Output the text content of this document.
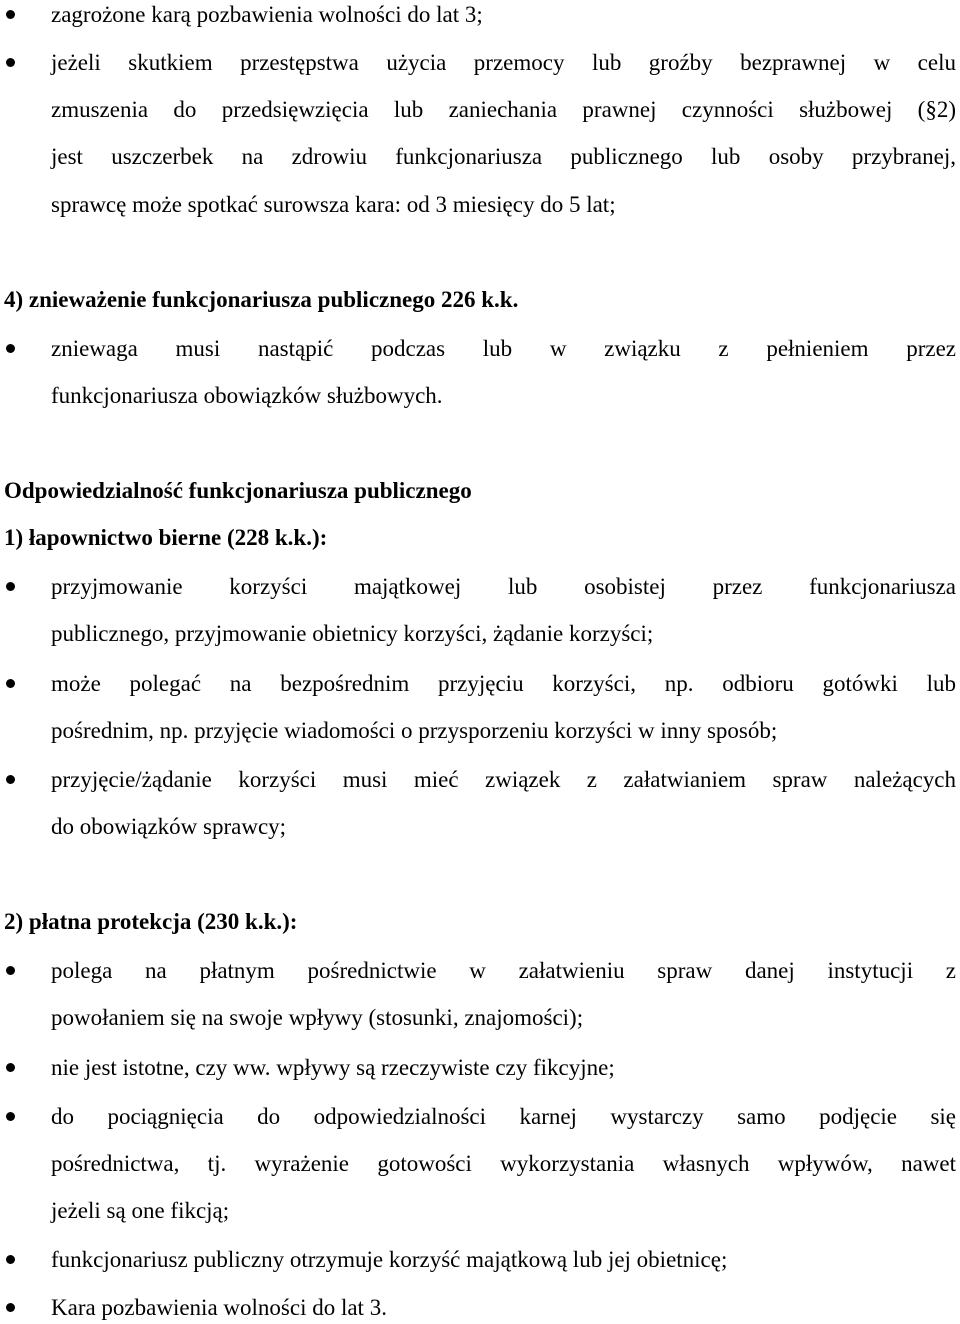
zagrożone karą pozbawienia wolności do lat 3;
jeżeli skutkiem przestępstwa użycia przemocy lub groźby bezprawnej w celu
zmuszenia do przedsięwzięcia lub zaniechania prawnej czynności służbowej (§2)
jest uszczerbek na zdrowiu funkcjonariusza publicznego lub osoby przybranej,
sprawcę może spotkać surowsza kara: od 3 miesięcy do 5 lat;
4) znieważenie funkcjonariusza publicznego 226 k.k.
zniewaga musi nastąpić podczas lub w związku z pełnieniem przez
funkcjonariusza obowiązków służbowych.
Odpowiedzialność funkcjonariusza publicznego
1) łapownictwo bierne (228 k.k.):
przyjmowanie korzyści majątkowej lub osobistej przez funkcjonariusza
publicznego, przyjmowanie obietnicy korzyści, żądanie korzyści;
może polegać na bezpośrednim przyjęciu korzyści, np. odbioru gotówki lub
pośrednim, np. przyjęcie wiadomości o przysporzeniu korzyści w inny sposób;
przyjęcie/żądanie korzyści musi mieć związek z załatwianiem spraw należących
do obowiązków sprawcy;
2) płatna protekcja (230 k.k.):
polega na płatnym pośrednictwie w załatwieniu spraw danej instytucji z
powołaniem się na swoje wpływy (stosunki, znajomości);
nie jest istotne, czy ww. wpływy są rzeczywiste czy fikcyjne;
do pociągnięcia do odpowiedzialności karnej wystarczy samo podjęcie się
pośrednictwa, tj. wyrażenie gotowości wykorzystania własnych wpływów, nawet
jeżeli są one fikcją;
funkcjonariusz publiczny otrzymuje korzyść majątkową lub jej obietnicę;
Kara pozbawienia wolności do lat 3.
